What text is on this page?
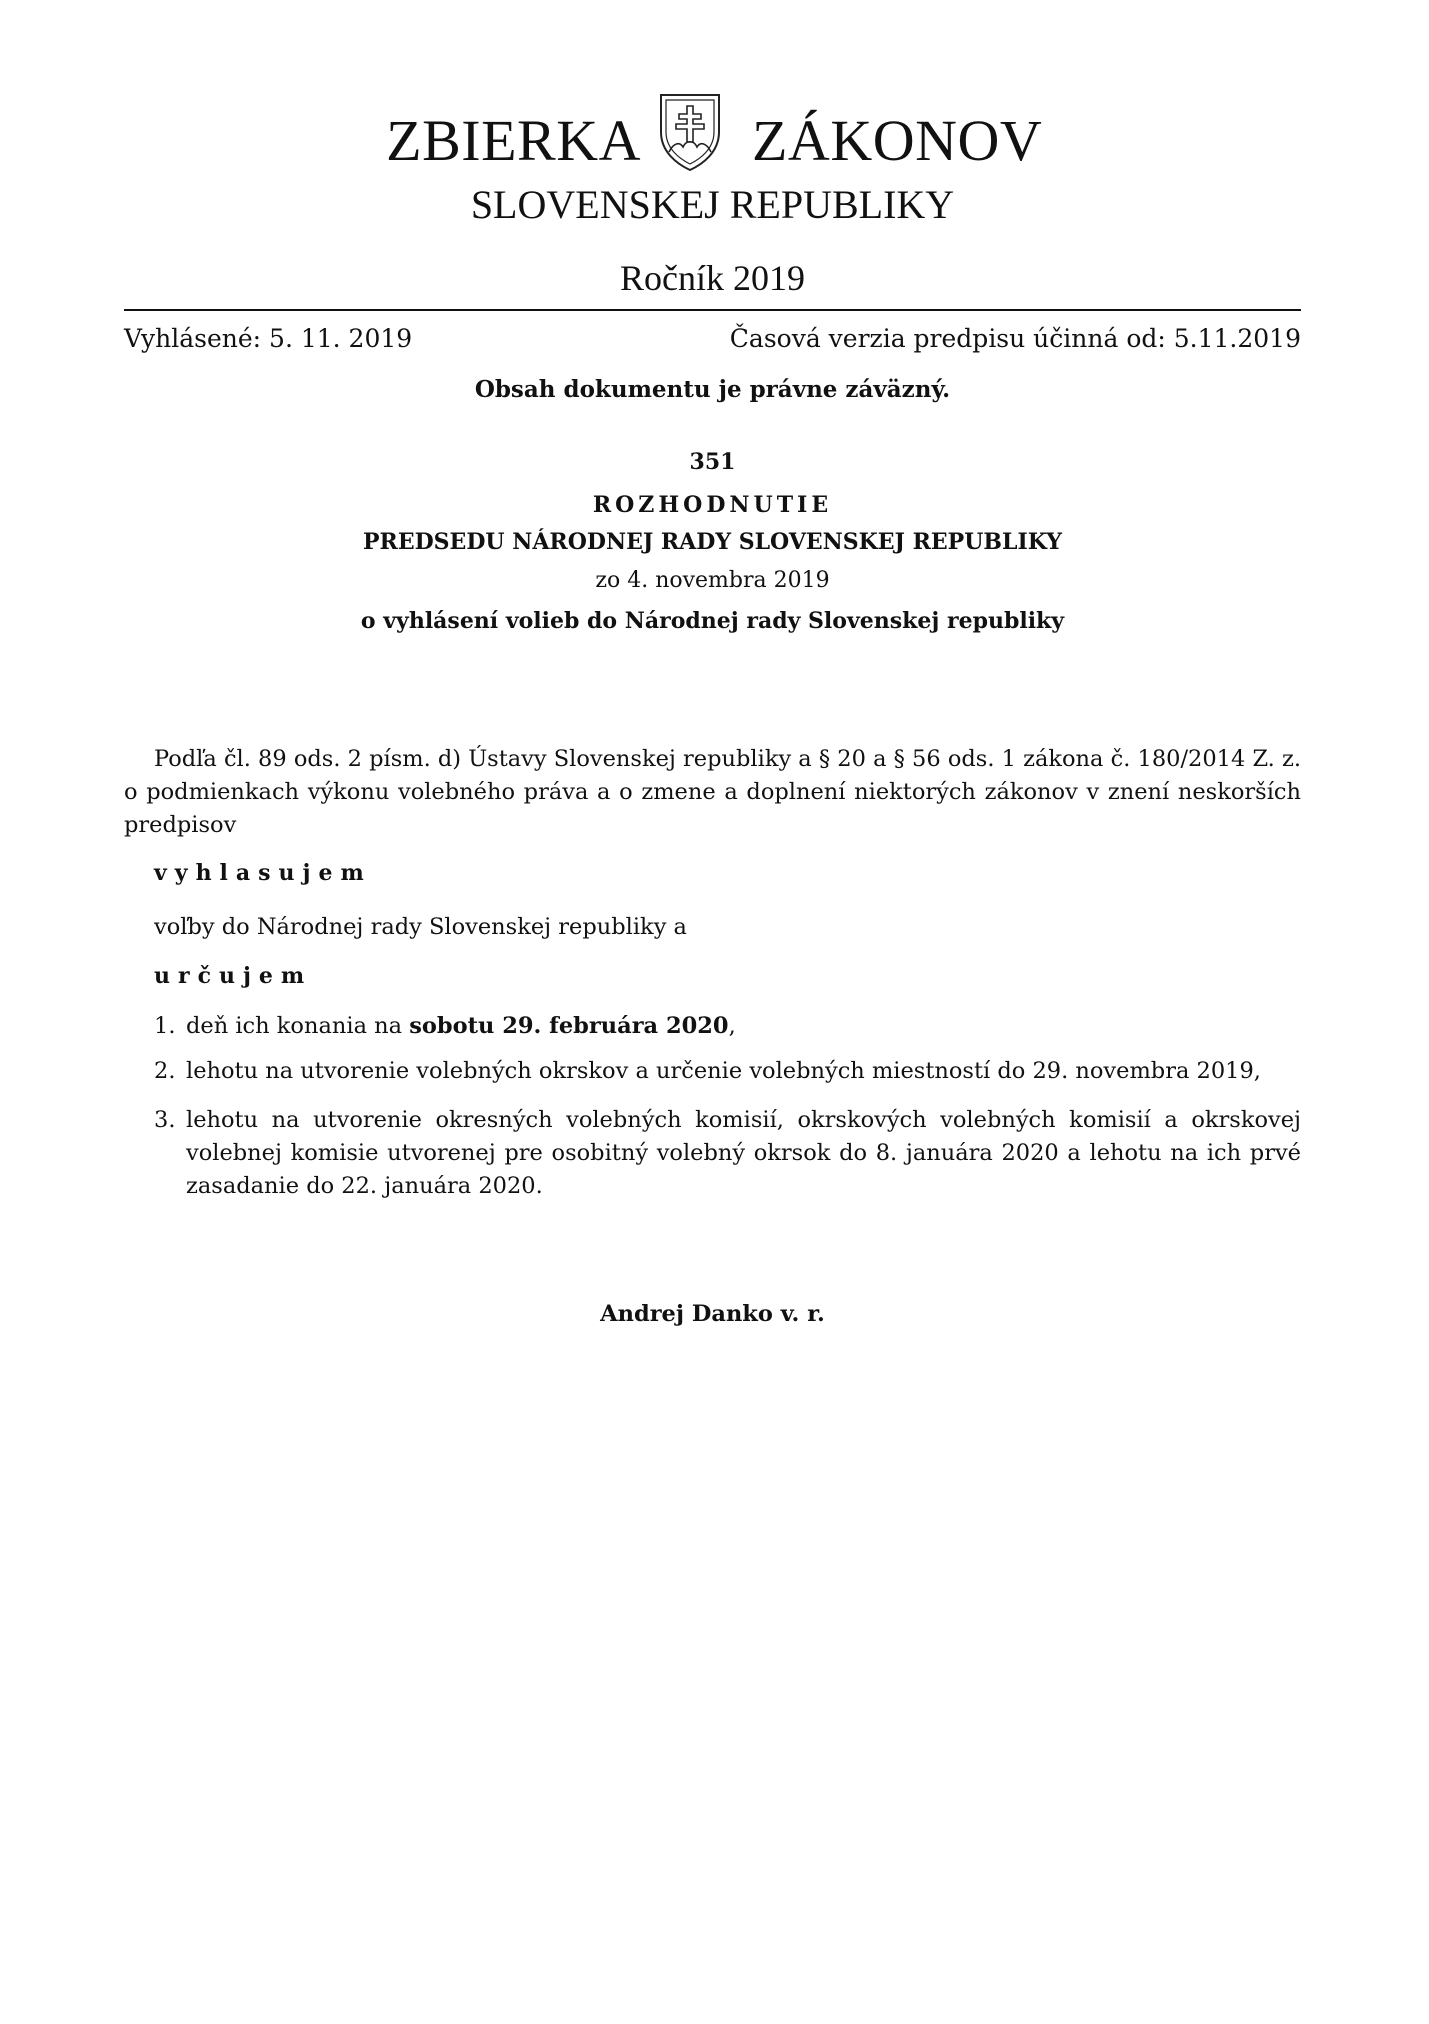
ZBIERKA ZÁKONOV
SLOVENSKEJ REPUBLIKY
Ročník 2019
Vyhlásené: 5. 11. 2019	Časová verzia predpisu účinná od: 5.11.2019
Obsah dokumentu je právne záväzný.
351
ROZHODNUTIE
PREDSEDU NÁRODNEJ RADY SLOVENSKEJ REPUBLIKY
zo 4. novembra 2019
o vyhlásení volieb do Národnej rady Slovenskej republiky
Podľa čl. 89 ods. 2 písm. d) Ústavy Slovenskej republiky a § 20 a § 56 ods. 1 zákona č. 180/2014 Z. z. o podmienkach výkonu volebného práva a o zmene a doplnení niektorých zákonov v znení neskorších predpisov
vyhlasujem
voľby do Národnej rady Slovenskej republiky a
určujem
1. deň ich konania na sobotu 29. februára 2020,
2. lehotu na utvorenie volebných okrskov a určenie volebných miestností do 29. novembra 2019,
3. lehotu na utvorenie okresných volebných komisií, okrskových volebných komisií a okrskovej volebnej komisie utvorenej pre osobitný volebný okrsok do 8. januára 2020 a lehotu na ich prvé zasadanie do 22. januára 2020.
Andrej Danko v. r.
